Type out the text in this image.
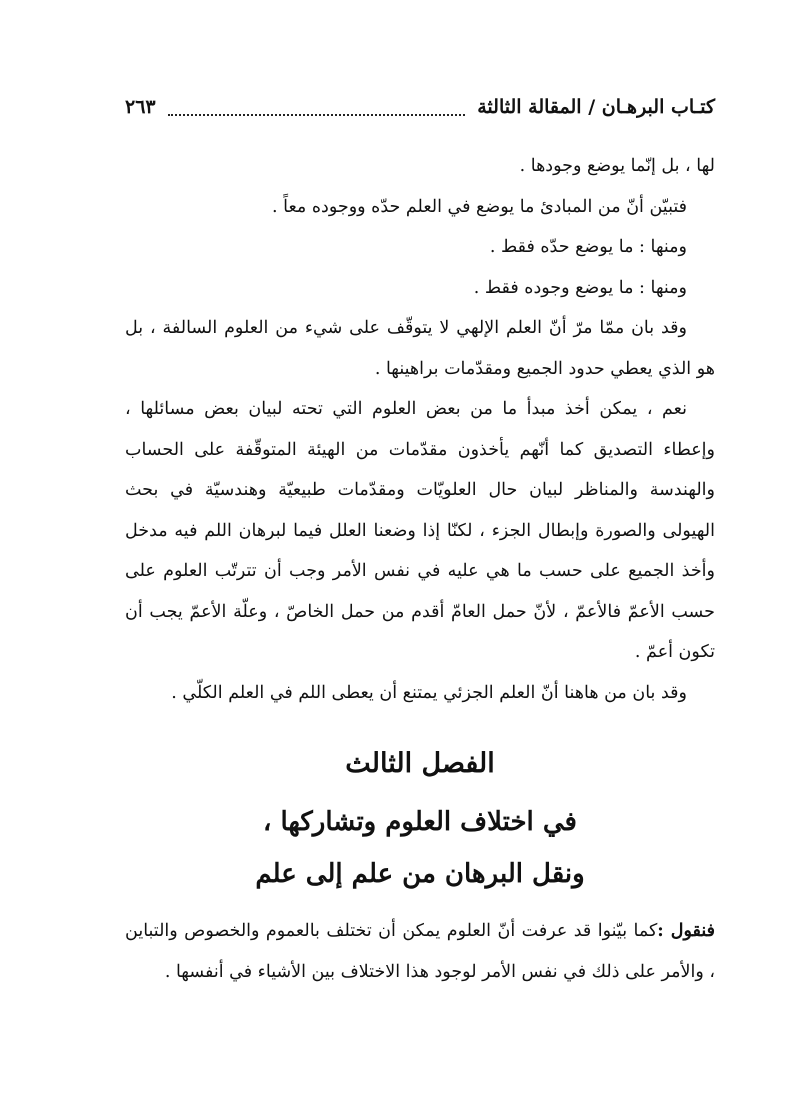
كتـاب البرهـان / المقالة الثالثة
٢٦٣

لها ، بل إنّما يوضع وجودها .

فتبيّن أنّ من المبادئ ما يوضع في العلم حدّه ووجوده معاً .

ومنها : ما يوضع حدّه فقط .

ومنها : ما يوضع وجوده فقط .

وقد بان ممّا مرّ أنّ العلم الإلهي لا يتوقّف على شيء من العلوم السالفة ، بل هو الذي يعطي حدود الجميع ومقدّمات براهينها .

نعم ، يمكن أخذ مبدأ ما من بعض العلوم التي تحته لبيان بعض مسائلها ، وإعطاء التصديق كما أنّهم يأخذون مقدّمات من الهيئة المتوقّفة على الحساب والهندسة والمناظر لبيان حال العلويّات ومقدّمات طبيعيّة وهندسيّة في بحث الهيولى والصورة وإبطال الجزء ، لكنّا إذا وضعنا العلل فيما لبرهان اللم فيه مدخل وأخذ الجميع على حسب ما هي عليه في نفس الأمر وجب أن تترتّب العلوم على حسب الأعمّ فالأعمّ ، لأنّ حمل العامّ أقدم من حمل الخاصّ ، وعلّة الأعمّ يجب أن تكون أعمّ .

وقد بان من هاهنا أنّ العلم الجزئي يمتنع أن يعطى اللم في العلم الكلّي .

الفصل الثالث
في اختلاف العلوم وتشاركها ،
ونقل البرهان من علم إلى علم

فنقول :كما بيّنوا قد عرفت أنّ العلوم يمكن أن تختلف بالعموم والخصوص والتباين ، والأمر على ذلك في نفس الأمر لوجود هذا الاختلاف بين الأشياء في أنفسها .
